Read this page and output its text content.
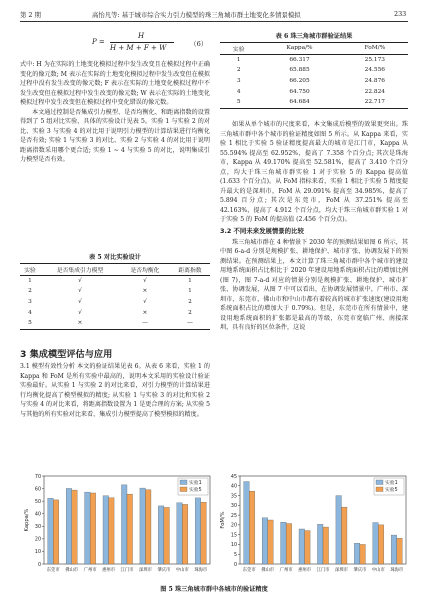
第 2 期	高怡凡等: 基于城市综合实力引力模型的珠三角城市群土地变化多情景模拟	233
P =
H
H + M + F + W	（6）

式中: H 为在实际的土地变化模拟过程中发生改变且在模拟过程中正确变化的像元数; M 表示在实际的土地变化模拟过程中发生改变但在模拟过程中没有发生改变的像元数; F 表示在实际的土地变化模拟过程中不发生改变但在模拟过程中发生改变的像元数; W 表示在实际的土地变化模拟过程中发生改变但在模拟过程中变化错误的像元数。

本文通过控制是否集成引力模型、是否均衡化、和距离指数的设置得到了 5 组对比实验，具体的实验设计见表 5。实验 1 与实验 2 的对比、实验 3 与实验 4 的对比用于说明引力模型的计算结果进行均衡化是否有效; 实验 1 与实验 3 的对比、实验 2 与实验 4 的对比用于说明距离指数采用哪个更合适; 实验 1 ~ 4 与实验 5 的对比，说明集成引力模型是否有效。

表 5 对比实验设计
实验	是否集成引力模型	是否均衡化	距离指数
1	√	√	1
2	√	×	1
3	√	√	2
4	√	×	2
5	×	—	—
3 集成模型评估与应用
3.1 模型有效性分析 本文的验证结果见表 6。从表 6 来看，实验 1 的 Kappa 和 FoM 是所有实验中最高的，说明本文采用的实验设计验证实验最好。从实验 1 与实验 2 的对比来看，对引力模型的计算结果进行均衡化提高了模型模拟的精度; 从实验 1 与实验 3 的对比和实验 2 与实验 4 的对比来看，将距离指数设置为 1 是更合理的方案; 从实验 5 与其他的所有实验对比来看，集成引力模型提高了模型模拟的精度。
表 6 珠三角城市群验证结果
实验	Kappa/%	FoM/%
1	66.317	25.173
2	65.885	24.556
3	66.205	24.876
4	64.750	22.824
5	64.684	22.717

如果从单个城市的尺度来看，本文集成后模型的效果更突出。珠三角城市群中各个城市的验证精度如图 5 所示。从 Kappa 来看，实验 1 相比于实验 5 验证精度提高最大的城市是江门市，Kappa 从 55.594% 提高至 62.952%，提高了 7.358 个百分点; 其次是珠海市，Kappa 从 49.170% 提高至 52.581%，提高了 3.410 个百分点，均大于珠三角城市群实验 1 对于实验 5 的 Kappa 提高值 (1.633 个百分点)。从 FoM 指标来看，实验 1 相比于实验 5 精度提升最大的是深圳市，FoM 从 29.091% 提高至 34.985%，提高了 5.894 百分点; 其次是东莞市，FoM 从 37.251% 提高至 42.163%，提高了 4.912 个百分点，均大于珠三角城市群实验 1 对于实验 5 的 FoM 的提高值 (2.456 个百分点)。

3.2 不同未来发展情景的比较

珠三角城市群在 4 种情景下 2030 年的预测结果如图 6 所示，其中图 6-a-d 分别是规模扩张、耕地保护、城市扩张、协调发展下的预测结果。在预测结果上，本文计算了珠三角城市群中各个城市的建设用地系统面积占比相比于 2020 年建设用地系统面积占比的增加比例(图 7)，图 7-a-d 对应的情景分别是规模扩张、耕地保护、城市扩张、协调发展，从图 7 中可以看出，在协调发展情景中，广州市、深圳市、东莞市、佛山市和中山市都有着较高的城市扩张速度(建设用地系统面积占比的增加大于 0.79%)。但是，东莞市在所有情景中，建设用地系统面积的扩张都是最高的等级，东莞市宽临广州、南接深圳，具有良好的区位条件，这说

0
10
20
30
40
50
60
70
Kappa/%
东莞市 佛山市 广州市 惠州市 江门市 深圳市 肇庆市 中山市 珠海市
实验1
实验5
0
5
10
15
20
25
30
35
40
45
FoM/%
东莞市 佛山市 广州市 惠州市 江门市 深圳市 肇庆市 中山市 珠海市
实验1
实验5
图 5 珠三角城市群中各城市的验证精度
